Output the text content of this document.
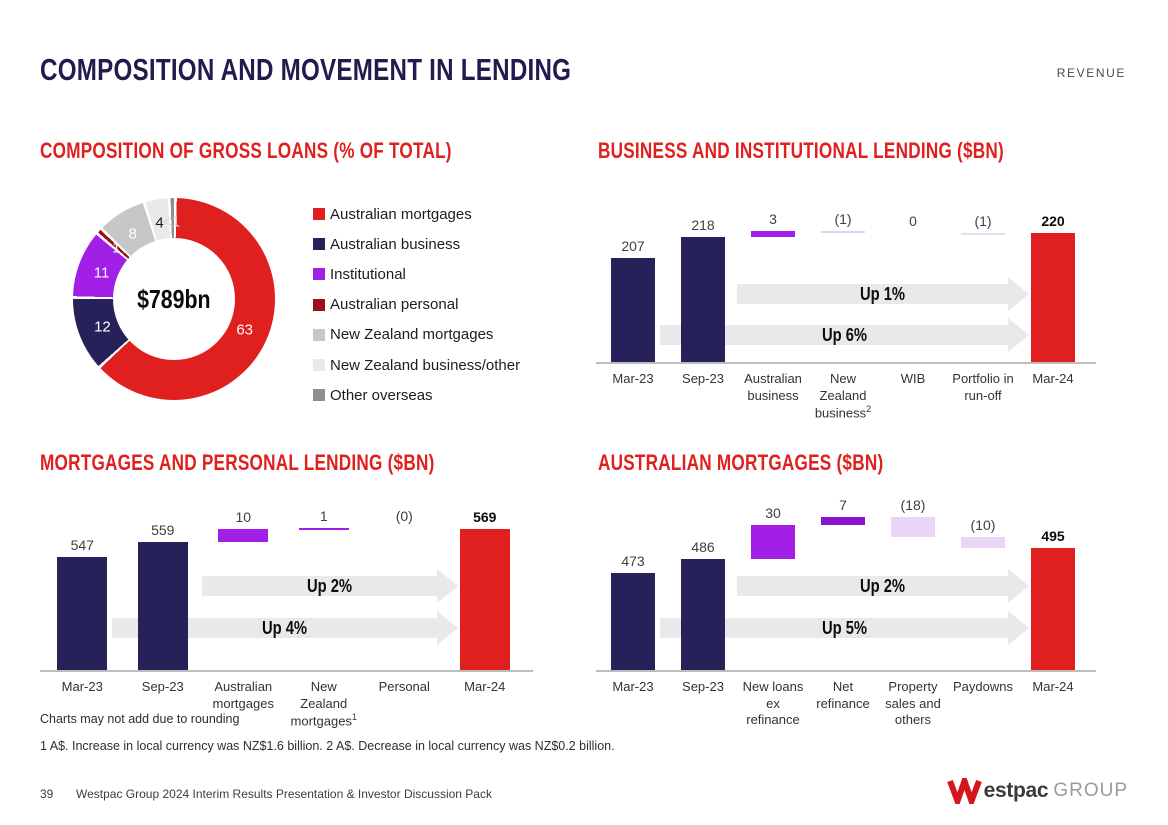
COMPOSITION AND MOVEMENT IN LENDING	REVENUE
COMPOSITION OF GROSS LOANS (% OF TOTAL)	BUSINESS AND INSTITUTIONAL LENDING ($BN)
MORTGAGES AND PERSONAL LENDING ($BN)	AUSTRALIAN MORTGAGES ($BN)
63
12
11
1
8
4 <1
$789bn
Australian mortgages
Australian business
Institutional
Australian personal
New Zealand mortgages
New Zealand business/other
Other overseas
Up 1%
Up 6%
207
218	3	(1)	0	(1)	220
Mar-23	Sep-23	Australian business
New Zealand business$^2$
WIB	Portfolio in run-off
Mar-24
Up 2%
Up 4%
547
559
10	1	(0)	569
Mar-23	Sep-23	Australian mortgages
New Zealand mortgages$^1$
Personal	Mar-24
Up 2%
Up 5%
473
486
30	7	(18)
(10)
495
Mar-23	Sep-23	New loans ex refinance
Net refinance
Property sales and others
Paydowns	Mar-24
Charts may not add due to rounding
1 A$. Increase in local currency was NZ$1.6 billion. 2 A$. Decrease in local currency was NZ$0.2 billion.
39 Westpac Group 2024 Interim Results Presentation & Investor Discussion Pack	estpac GROUP
